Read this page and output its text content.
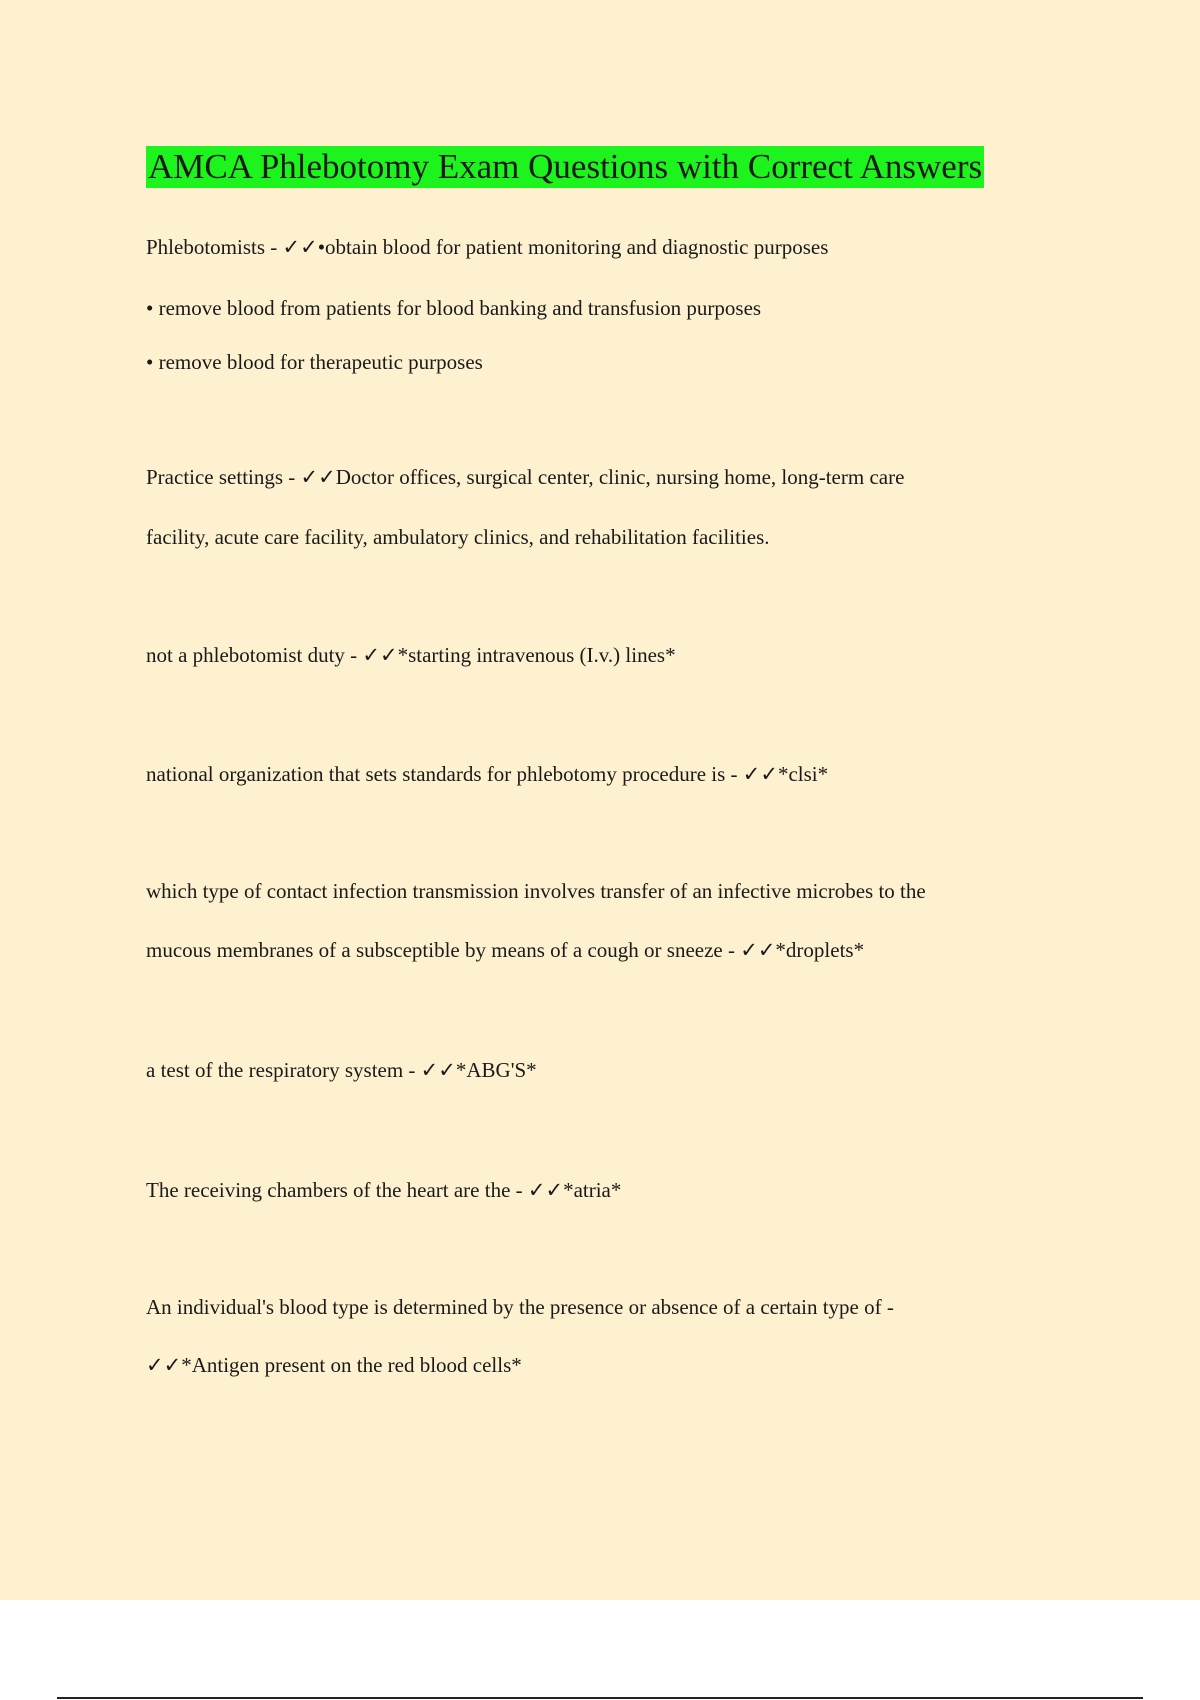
AMCA Phlebotomy Exam Questions with Correct Answers

Phlebotomists - ✓✓•obtain blood for patient monitoring and diagnostic purposes

• remove blood from patients for blood banking and transfusion purposes

• remove blood for therapeutic purposes

Practice settings - ✓✓Doctor offices, surgical center, clinic, nursing home, long-term care

facility, acute care facility, ambulatory clinics, and rehabilitation facilities.

not a phlebotomist duty - ✓✓*starting intravenous (I.v.) lines*

national organization that sets standards for phlebotomy procedure is - ✓✓*clsi*

which type of contact infection transmission involves transfer of an infective microbes to the

mucous membranes of a subsceptible by means of a cough or sneeze - ✓✓*droplets*

a test of the respiratory system - ✓✓*ABG'S*

The receiving chambers of the heart are the - ✓✓*atria*

An individual's blood type is determined by the presence or absence of a certain type of -

✓✓*Antigen present on the red blood cells*
